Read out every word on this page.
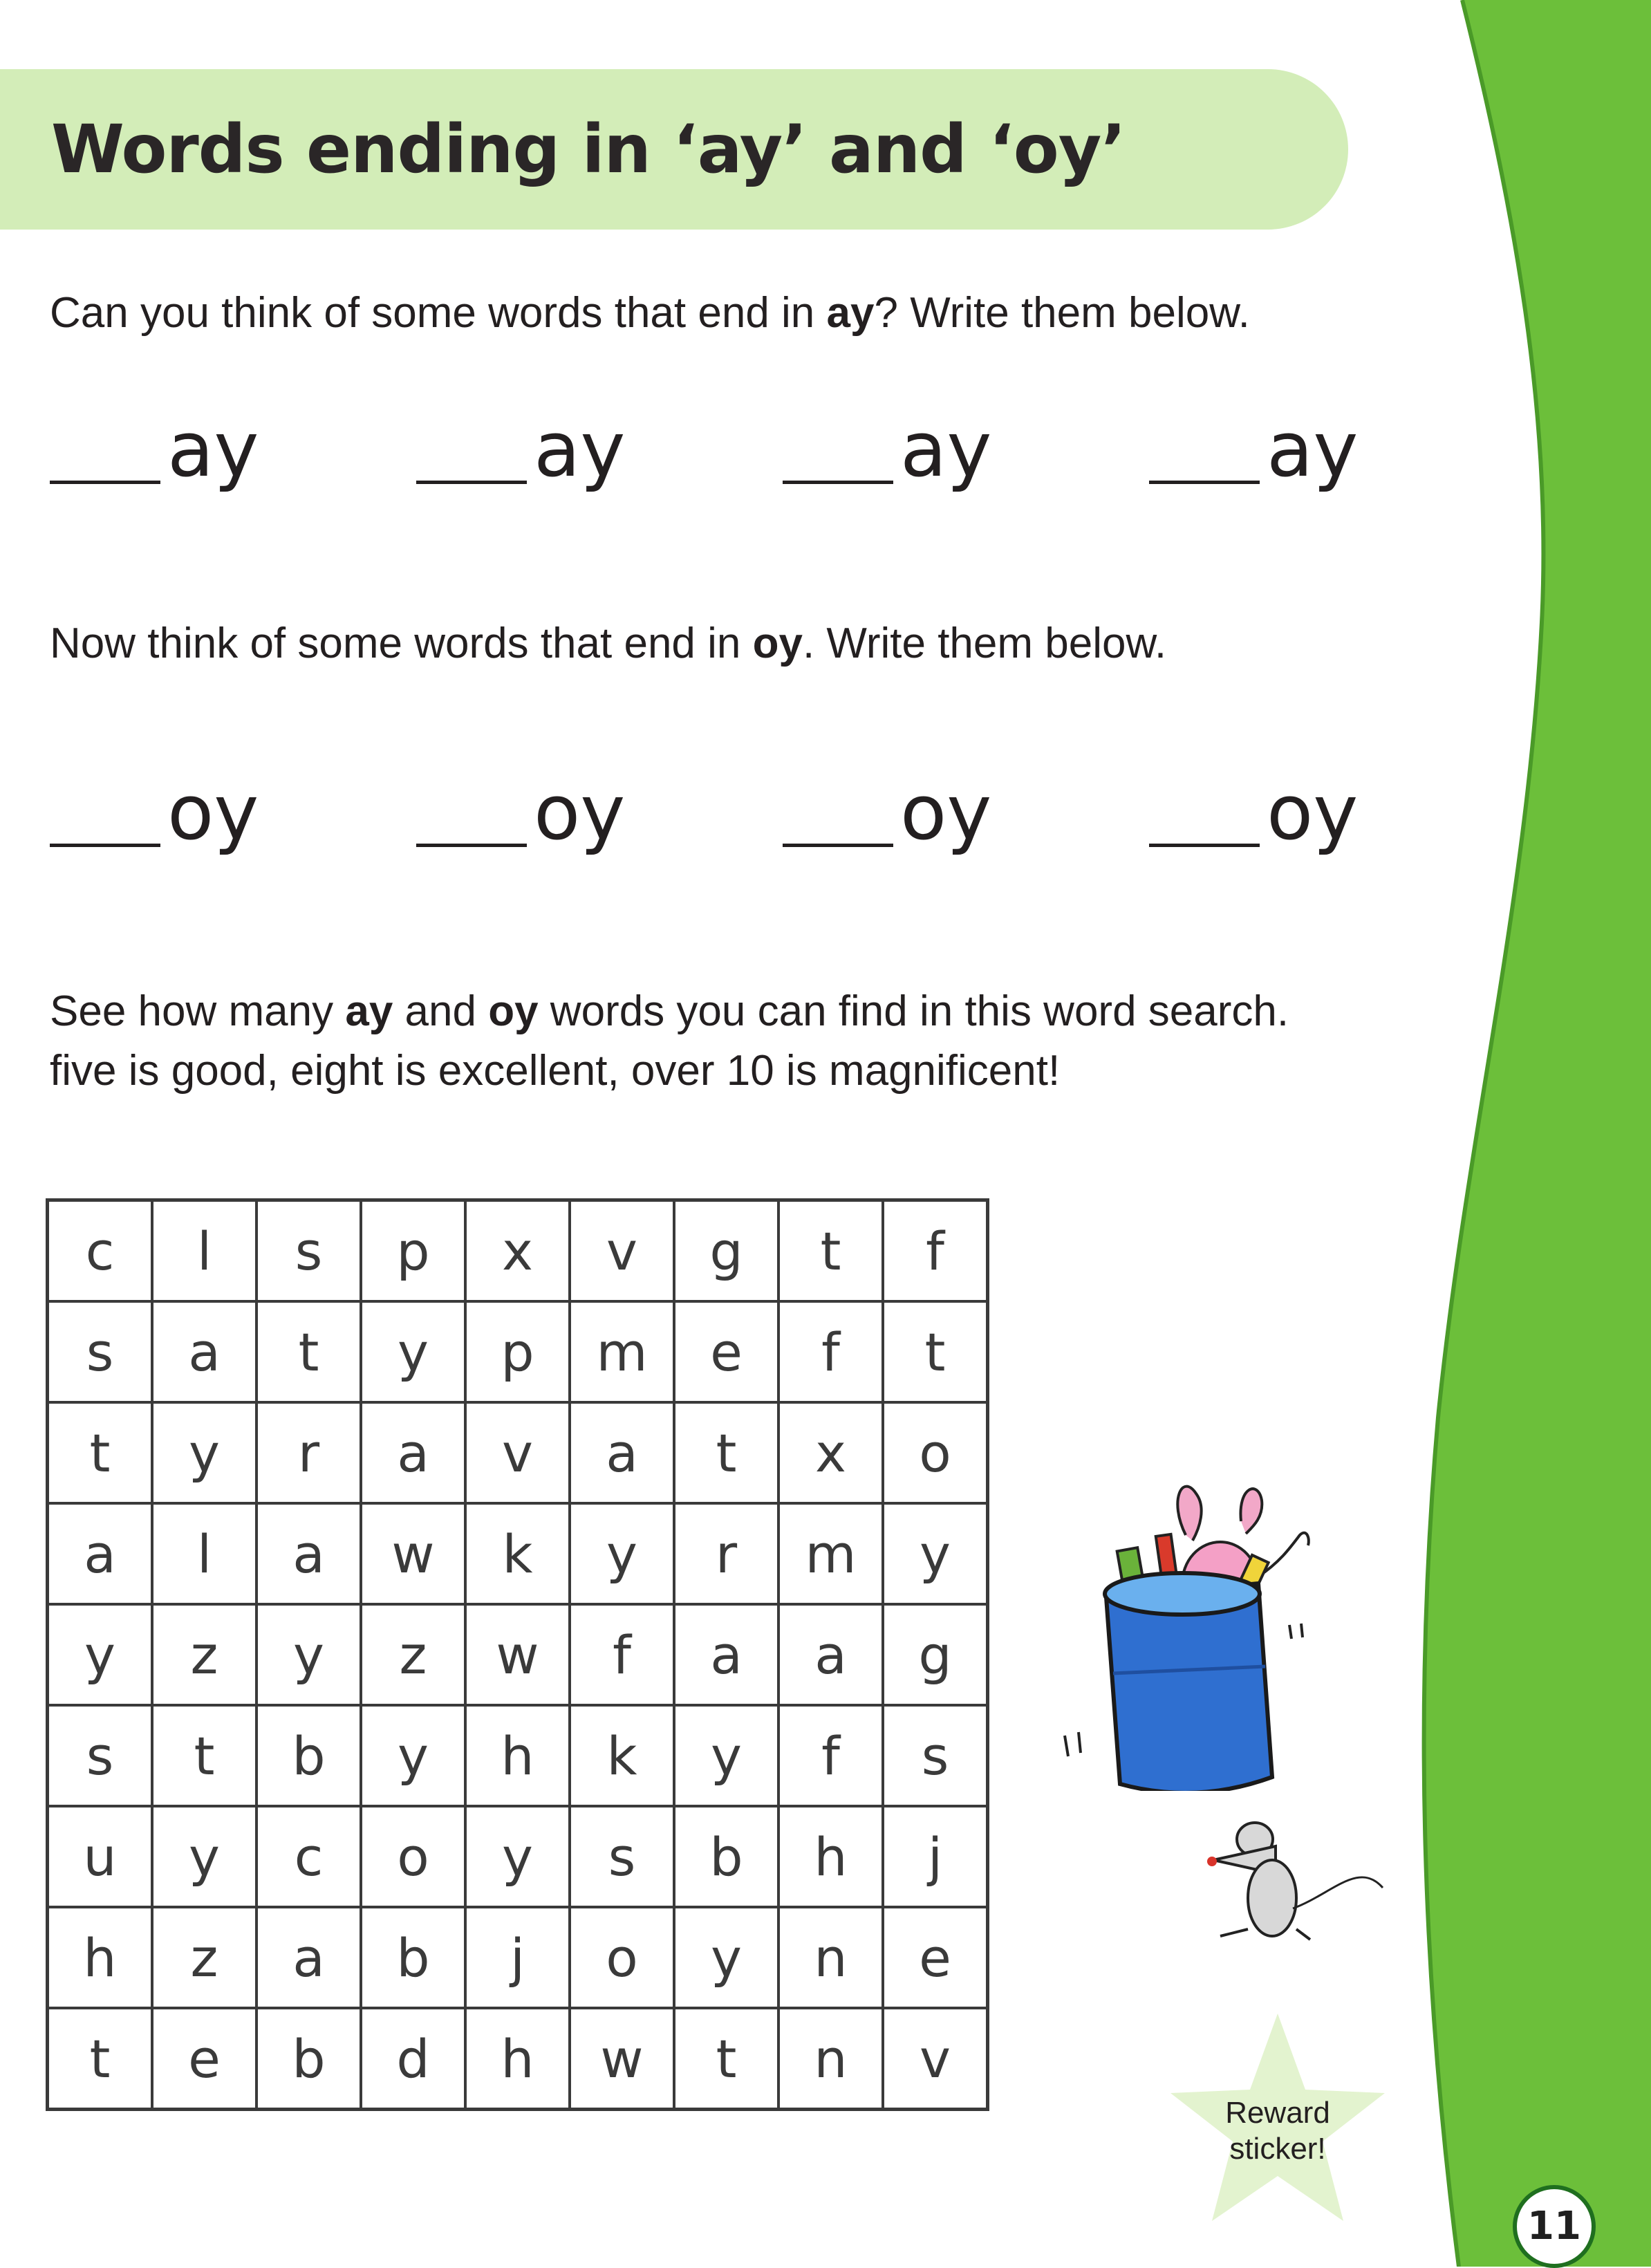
Words ending in ‘ay’ and ‘oy’

Can you think of some words that end in ay? Write them below.

ay	ay	ay	ay

Now think of some words that end in oy. Write them below.

oy	oy	oy	oy

See how many ay and oy words you can find in this word search.
five is good, eight is excellent, over 10 is magnificent!

c	l	s	p	x	v	g	t	f
s	a	t	y	p	m	e	f	t
t	y	r	a	v	a	t	x	o
a	l	a	w	k	y	r	m	y
y	z	y	z	w	f	a	a	g
s	t	b	y	h	k	y	f	s
u	y	c	o	y	s	b	h	j
h	z	a	b	j	o	y	n	e
t	e	b	d	h	w	t	n	v

Reward
sticker!

11
